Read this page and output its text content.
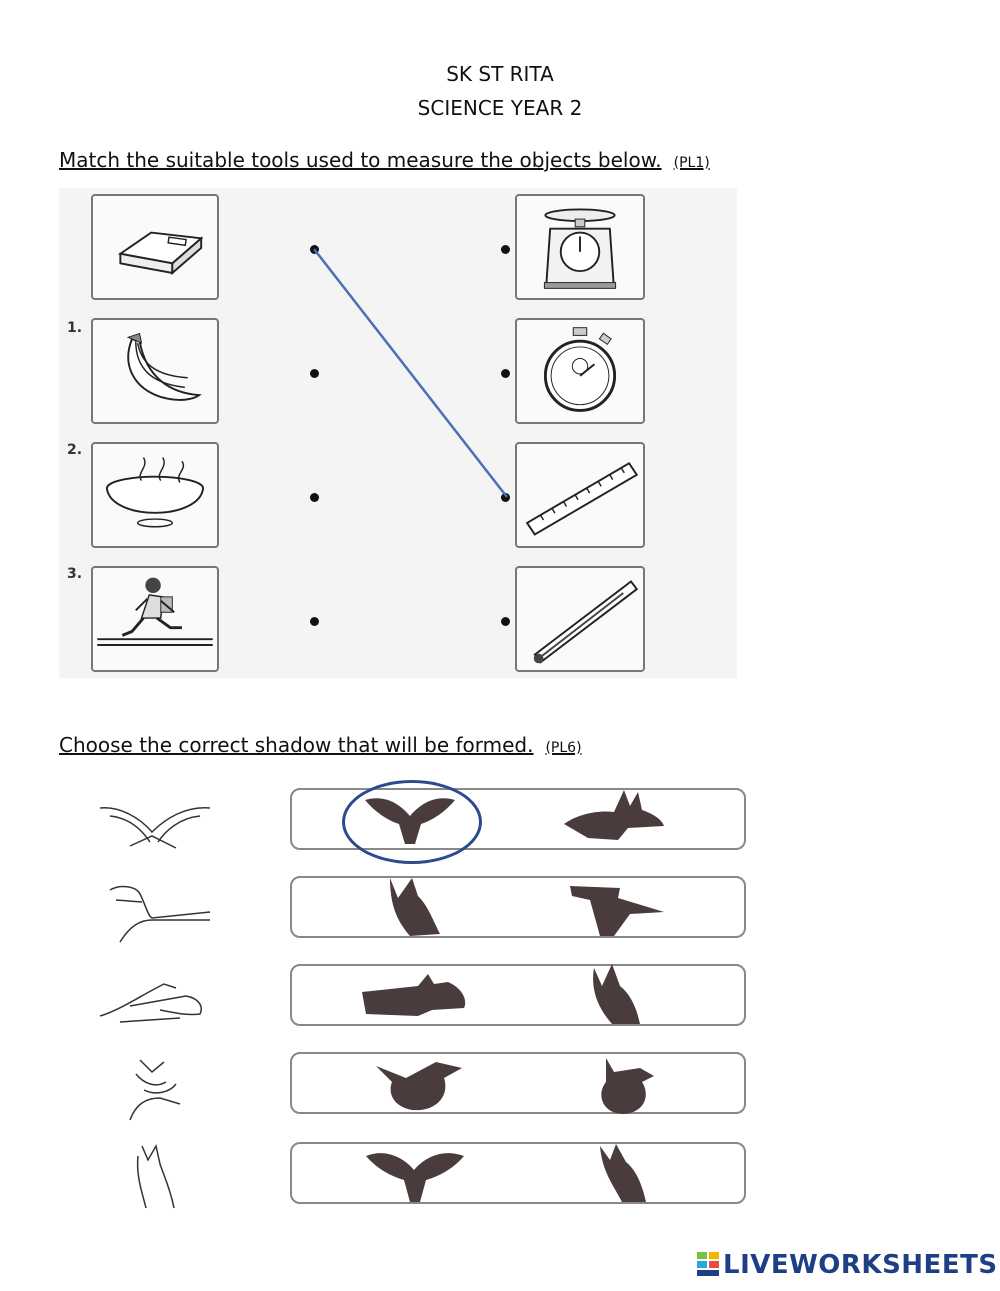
SK ST RITA
SCIENCE YEAR 2
Match the suitable tools used to measure the objects below. (PL1)
1.
2.
3.
Choose the correct shadow that will be formed. (PL6)
LIVEWORKSHEETS
